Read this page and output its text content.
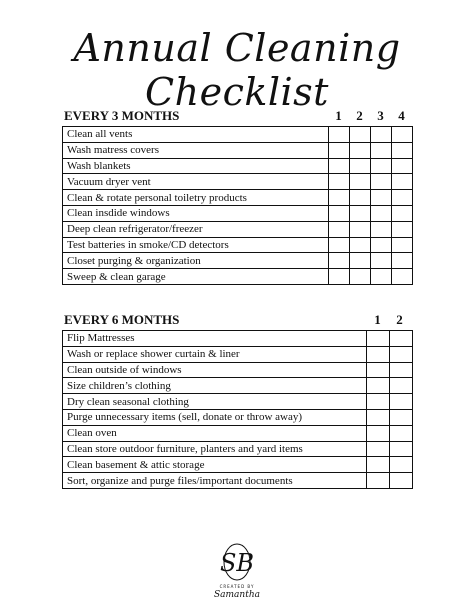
Annual Cleaning Checklist
EVERY 3 MONTHS	1	2	3	4
Clean all vents				
Wash matress covers				
Wash blankets				
Vacuum dryer vent				
Clean & rotate personal toiletry products				
Clean insdide windows				
Deep clean refrigerator/freezer				
Test batteries in smoke/CD detectors				
Closet purging & organization				
Sweep & clean garage				
EVERY 6 MONTHS	1	2
Flip Mattresses		
Wash or replace shower curtain & liner		
Clean outside of windows		
Size children’s clothing		
Dry clean seasonal clothing		
Purge unnecessary items (sell, donate or throw away)		
Clean oven		
Clean store outdoor furniture, planters and yard items		
Clean basement & attic storage		
Sort, organize and purge files/important documents		
SB
CREATED BY
Samantha
